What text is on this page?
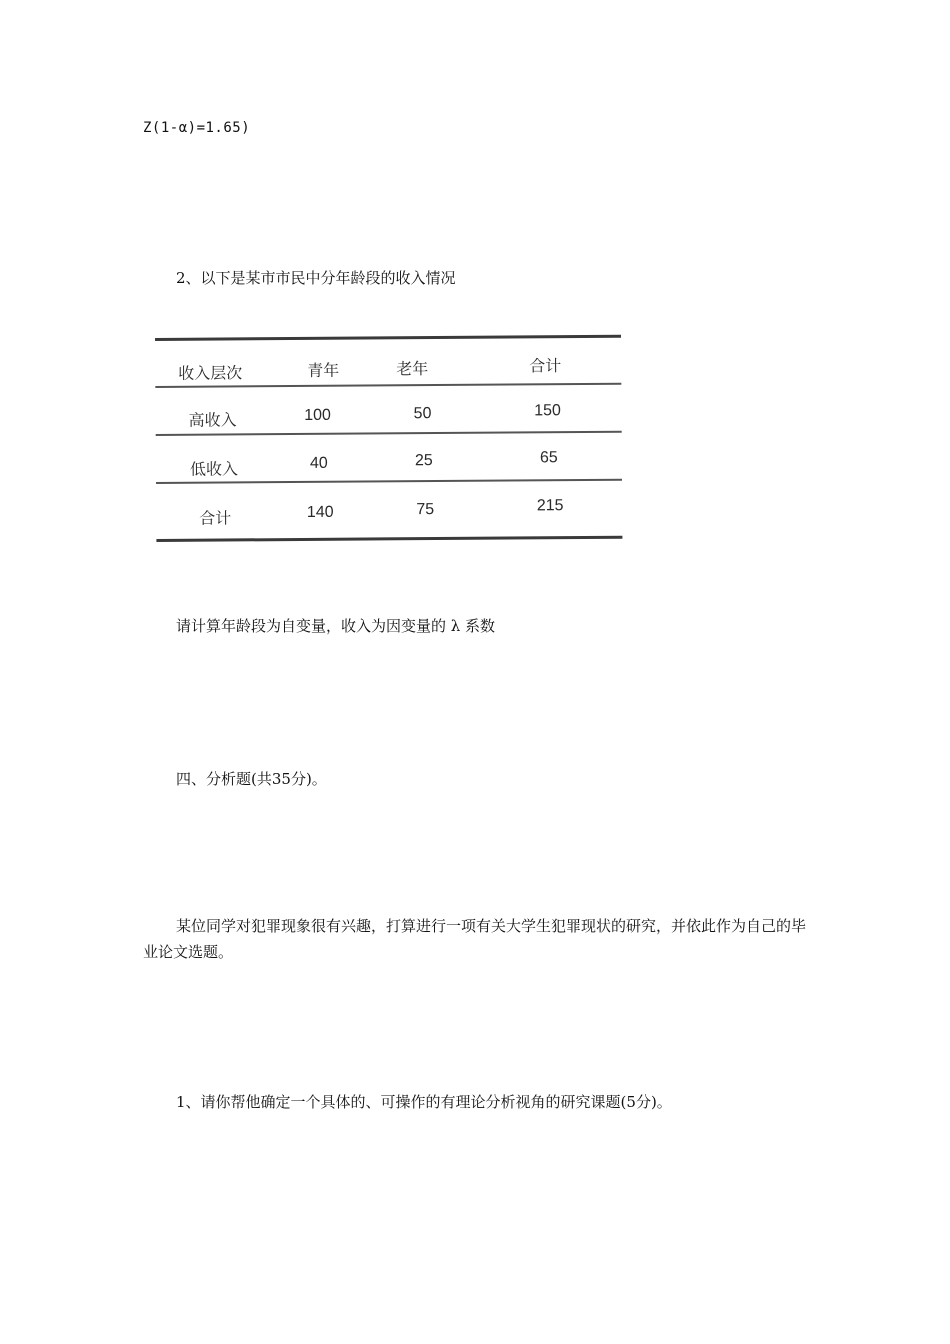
Z(1-α)=1.65)
2、以下是某市市民中分年龄段的收入情况
收入层次	青年	老年	合计
高收入	100	50	150
低收入	40	25	65
合计	140	75	215
请计算年龄段为自变量，收入为因变量的 λ 系数
四、分析题(共35分)。
某位同学对犯罪现象很有兴趣，打算进行一项有关大学生犯罪现状的研究，并依此作为自己的毕业论文选题。
1、请你帮他确定一个具体的、可操作的有理论分析视角的研究课题(5分)。
